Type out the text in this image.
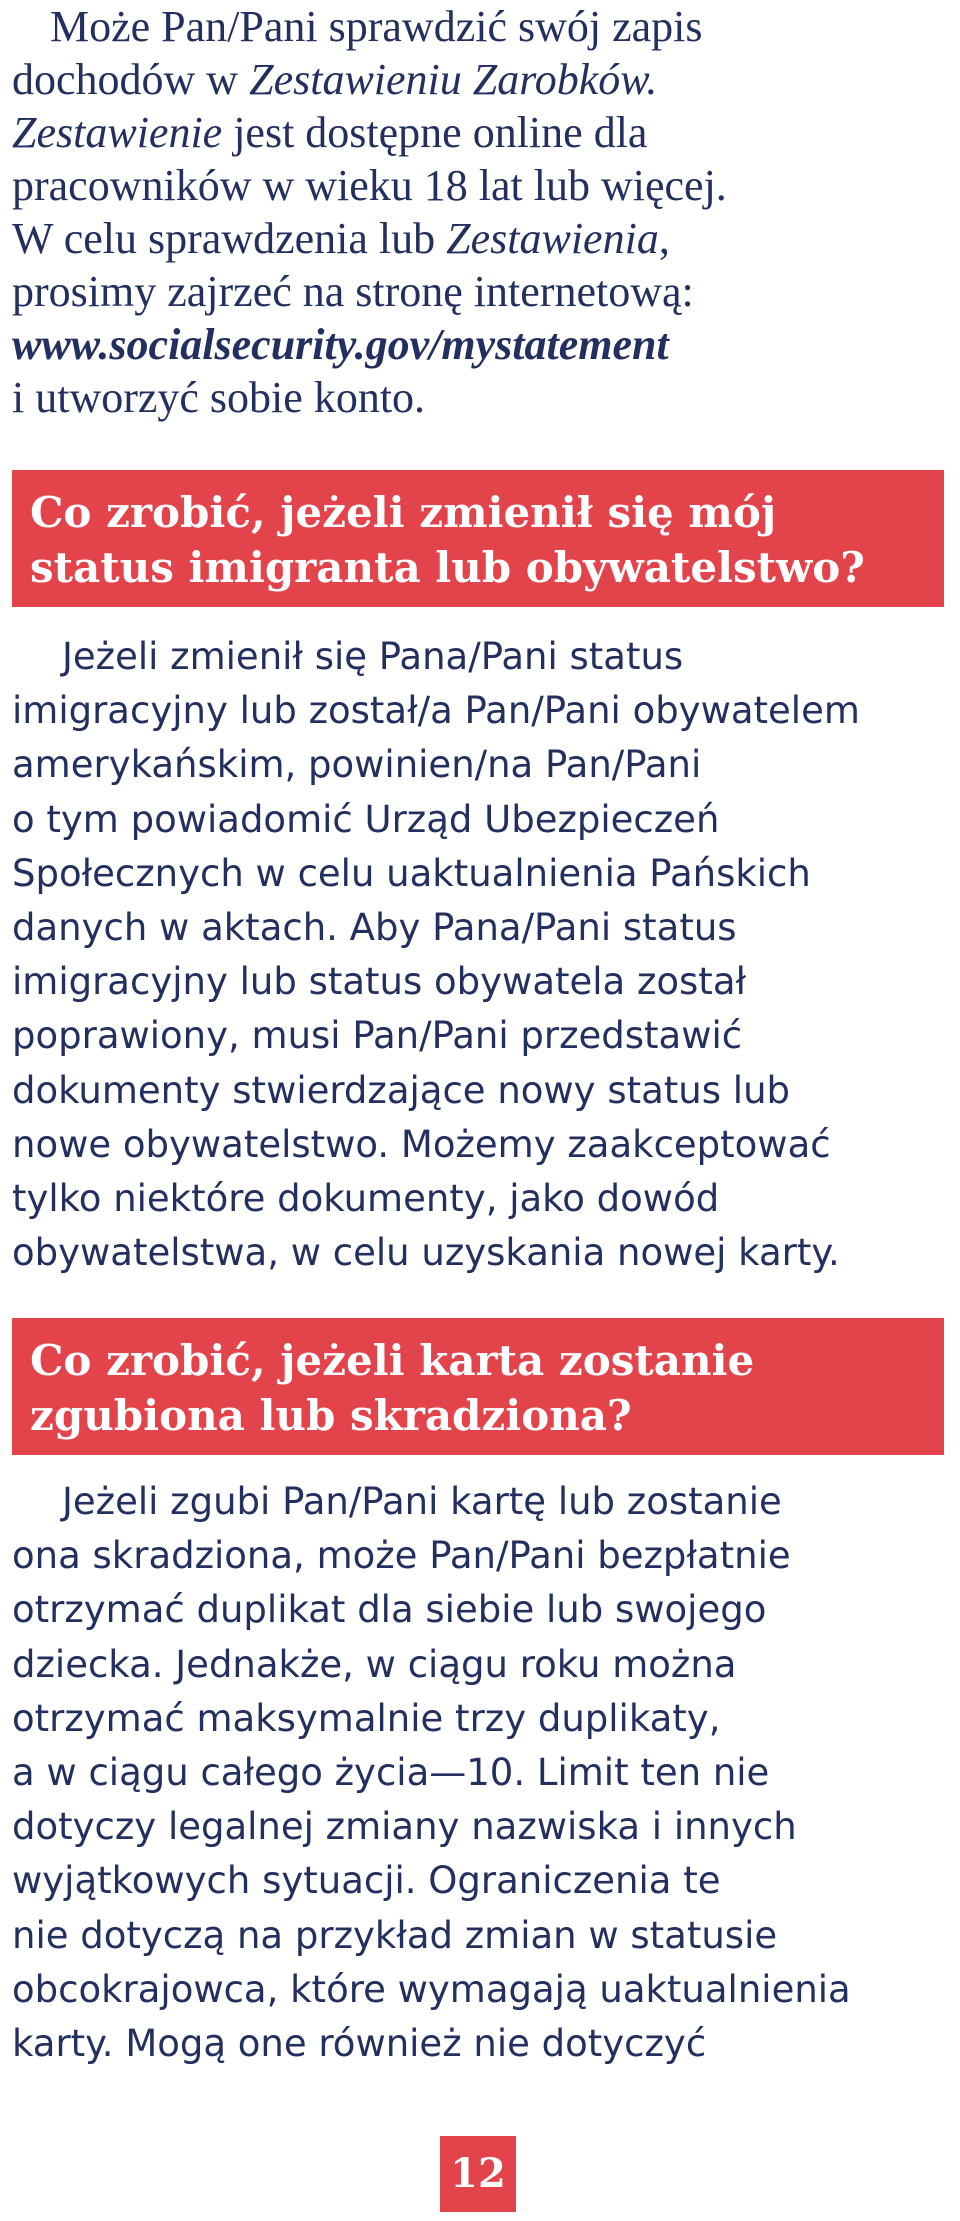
Może Pan/Pani sprawdzić swój zapis
dochodów w Zestawieniu Zarobków.
Zestawienie jest dostępne online dla
pracowników w wieku 18 lat lub więcej.
W celu sprawdzenia lub Zestawienia,
prosimy zajrzeć na stronę internetową:
www.socialsecurity.gov/mystatement
i utworzyć sobie konto.
Co zrobić, jeżeli zmienił się mój
status imigranta lub obywatelstwo?
Jeżeli zmienił się Pana/Pani status
imigracyjny lub został/a Pan/Pani obywatelem
amerykańskim, powinien/na Pan/Pani
o tym powiadomić Urząd Ubezpieczeń
Społecznych w celu uaktualnienia Pańskich
danych w aktach. Aby Pana/Pani status
imigracyjny lub status obywatela został
poprawiony, musi Pan/Pani przedstawić
dokumenty stwierdzające nowy status lub
nowe obywatelstwo. Możemy zaakceptować
tylko niektóre dokumenty, jako dowód
obywatelstwa, w celu uzyskania nowej karty.
Co zrobić, jeżeli karta zostanie
zgubiona lub skradziona?
Jeżeli zgubi Pan/Pani kartę lub zostanie
ona skradziona, może Pan/Pani bezpłatnie
otrzymać duplikat dla siebie lub swojego
dziecka. Jednakże, w ciągu roku można
otrzymać maksymalnie trzy duplikaty,
a w ciągu całego życia—10. Limit ten nie
dotyczy legalnej zmiany nazwiska i innych
wyjątkowych sytuacji. Ograniczenia te
nie dotyczą na przykład zmian w statusie
obcokrajowca, które wymagają uaktualnienia
karty. Mogą one również nie dotyczyć
12
